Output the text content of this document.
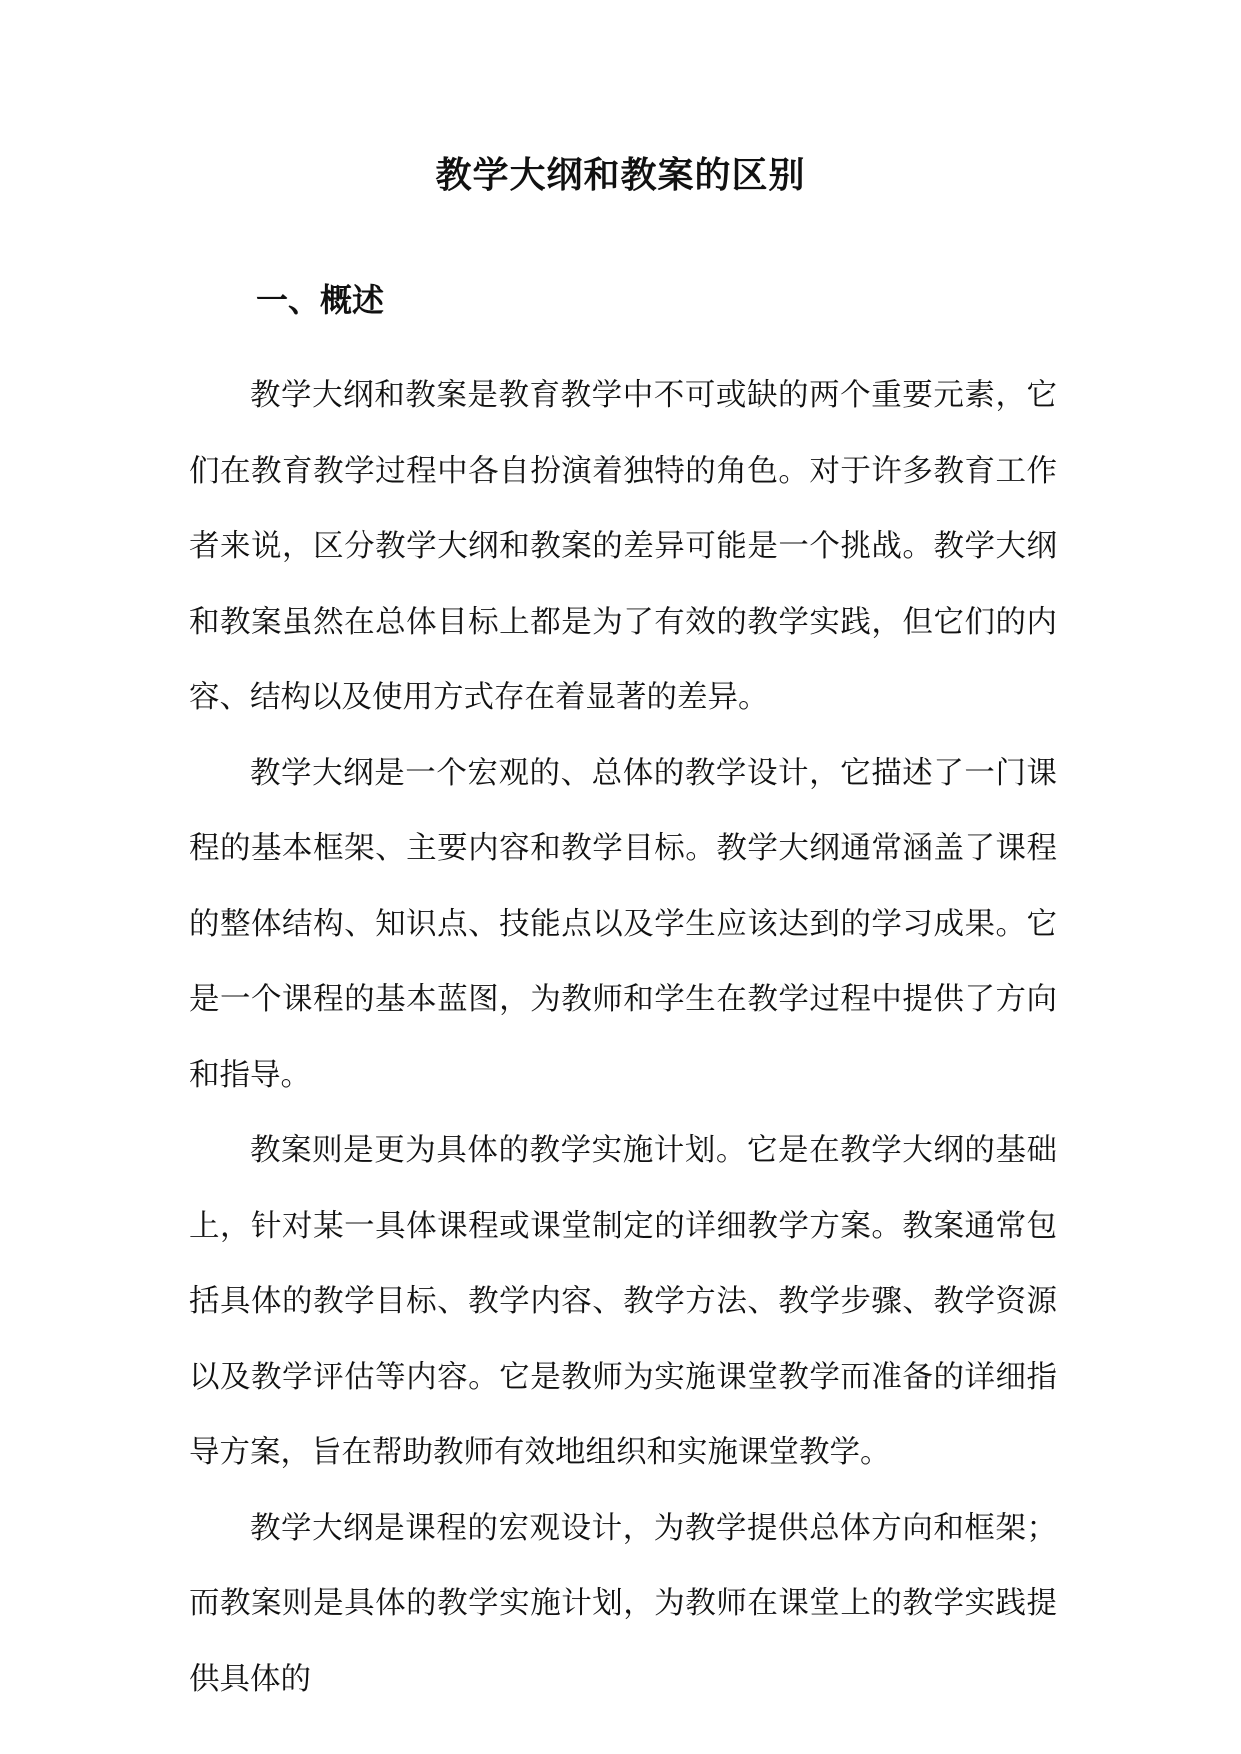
教学大纲和教案的区别
一、概述

教学大纲和教案是教育教学中不可或缺的两个重要元素，它们在教育教学过程中各自扮演着独特的角色。对于许多教育工作者来说，区分教学大纲和教案的差异可能是一个挑战。教学大纲和教案虽然在总体目标上都是为了有效的教学实践，但它们的内容、结构以及使用方式存在着显著的差异。

教学大纲是一个宏观的、总体的教学设计，它描述了一门课程的基本框架、主要内容和教学目标。教学大纲通常涵盖了课程的整体结构、知识点、技能点以及学生应该达到的学习成果。它是一个课程的基本蓝图，为教师和学生在教学过程中提供了方向和指导。

教案则是更为具体的教学实施计划。它是在教学大纲的基础上，针对某一具体课程或课堂制定的详细教学方案。教案通常包括具体的教学目标、教学内容、教学方法、教学步骤、教学资源以及教学评估等内容。它是教师为实施课堂教学而准备的详细指导方案，旨在帮助教师有效地组织和实施课堂教学。

教学大纲是课程的宏观设计，为教学提供总体方向和框架；而教案则是具体的教学实施计划，为教师在课堂上的教学实践提供具体的
